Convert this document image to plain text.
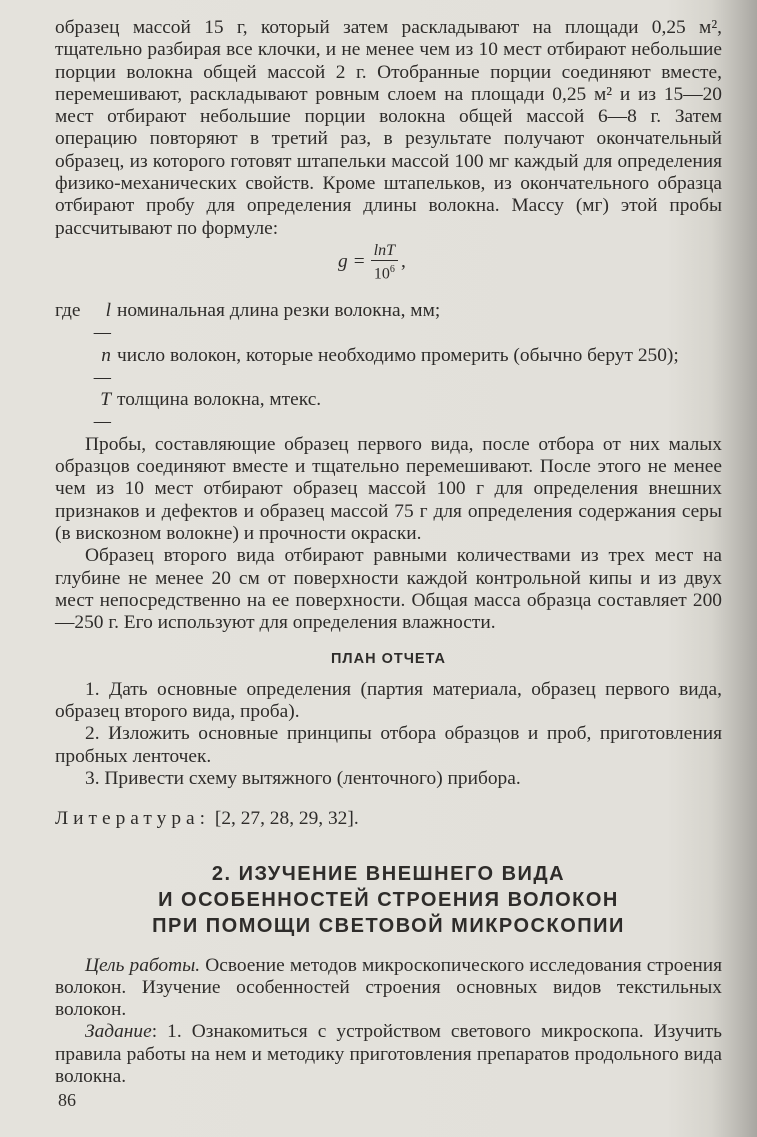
образец массой 15 г, который затем раскладывают на площади 0,25 м², тщательно разбирая все клочки, и не менее чем из 10 мест отбирают небольшие порции волокна общей массой 2 г. Отобранные порции соединяют вместе, перемешивают, раскладывают ровным слоем на площади 0,25 м² и из 15—20 мест отбирают небольшие порции волокна общей массой 6—8 г. Затем операцию повторяют в третий раз, в результате получают окончательный образец, из которого готовят штапельки массой 100 мг каждый для определения физико-механических свойств. Кроме штапельков, из окончательного образца отбирают пробу для определения длины волокна. Массу (мг) этой пробы рассчитывают по формуле:

$g = \frac{\ln T}{10^6}$ ,
где	l —
номинальная длина резки волокна, мм;
n —
число волокон, которые необходимо промерить (обычно берут 250);
T —
толщина волокна, мтекс.

Пробы, составляющие образец первого вида, после отбора от них малых образцов соединяют вместе и тщательно перемешивают. После этого не менее чем из 10 мест отбирают образец массой 100 г для определения внешних признаков и дефектов и образец массой 75 г для определения содержания серы (в вискозном волокне) и прочности окраски.

Образец второго вида отбирают равными количествами из трех мест на глубине не менее 20 см от поверхности каждой контрольной кипы и из двух мест непосредственно на ее поверхности. Общая масса образца составляет 200—250 г. Его используют для определения влажности.

ПЛАН ОТЧЕТА

1. Дать основные определения (партия материала, образец первого вида, образец второго вида, проба).

2. Изложить основные принципы отбора образцов и проб, приготовления пробных ленточек.

3. Привести схему вытяжного (ленточного) прибора.

Литература: [2, 27, 28, 29, 32].

2. ИЗУЧЕНИЕ ВНЕШНЕГО ВИДА
И ОСОБЕННОСТЕЙ СТРОЕНИЯ ВОЛОКОН
ПРИ ПОМОЩИ СВЕТОВОЙ МИКРОСКОПИИ

Цель работы. Освоение методов микроскопического исследования строения волокон. Изучение особенностей строения основных видов текстильных волокон.

Задание: 1. Ознакомиться с устройством светового микроскопа. Изучить правила работы на нем и методику приготовления препаратов продольного вида волокна.

86
